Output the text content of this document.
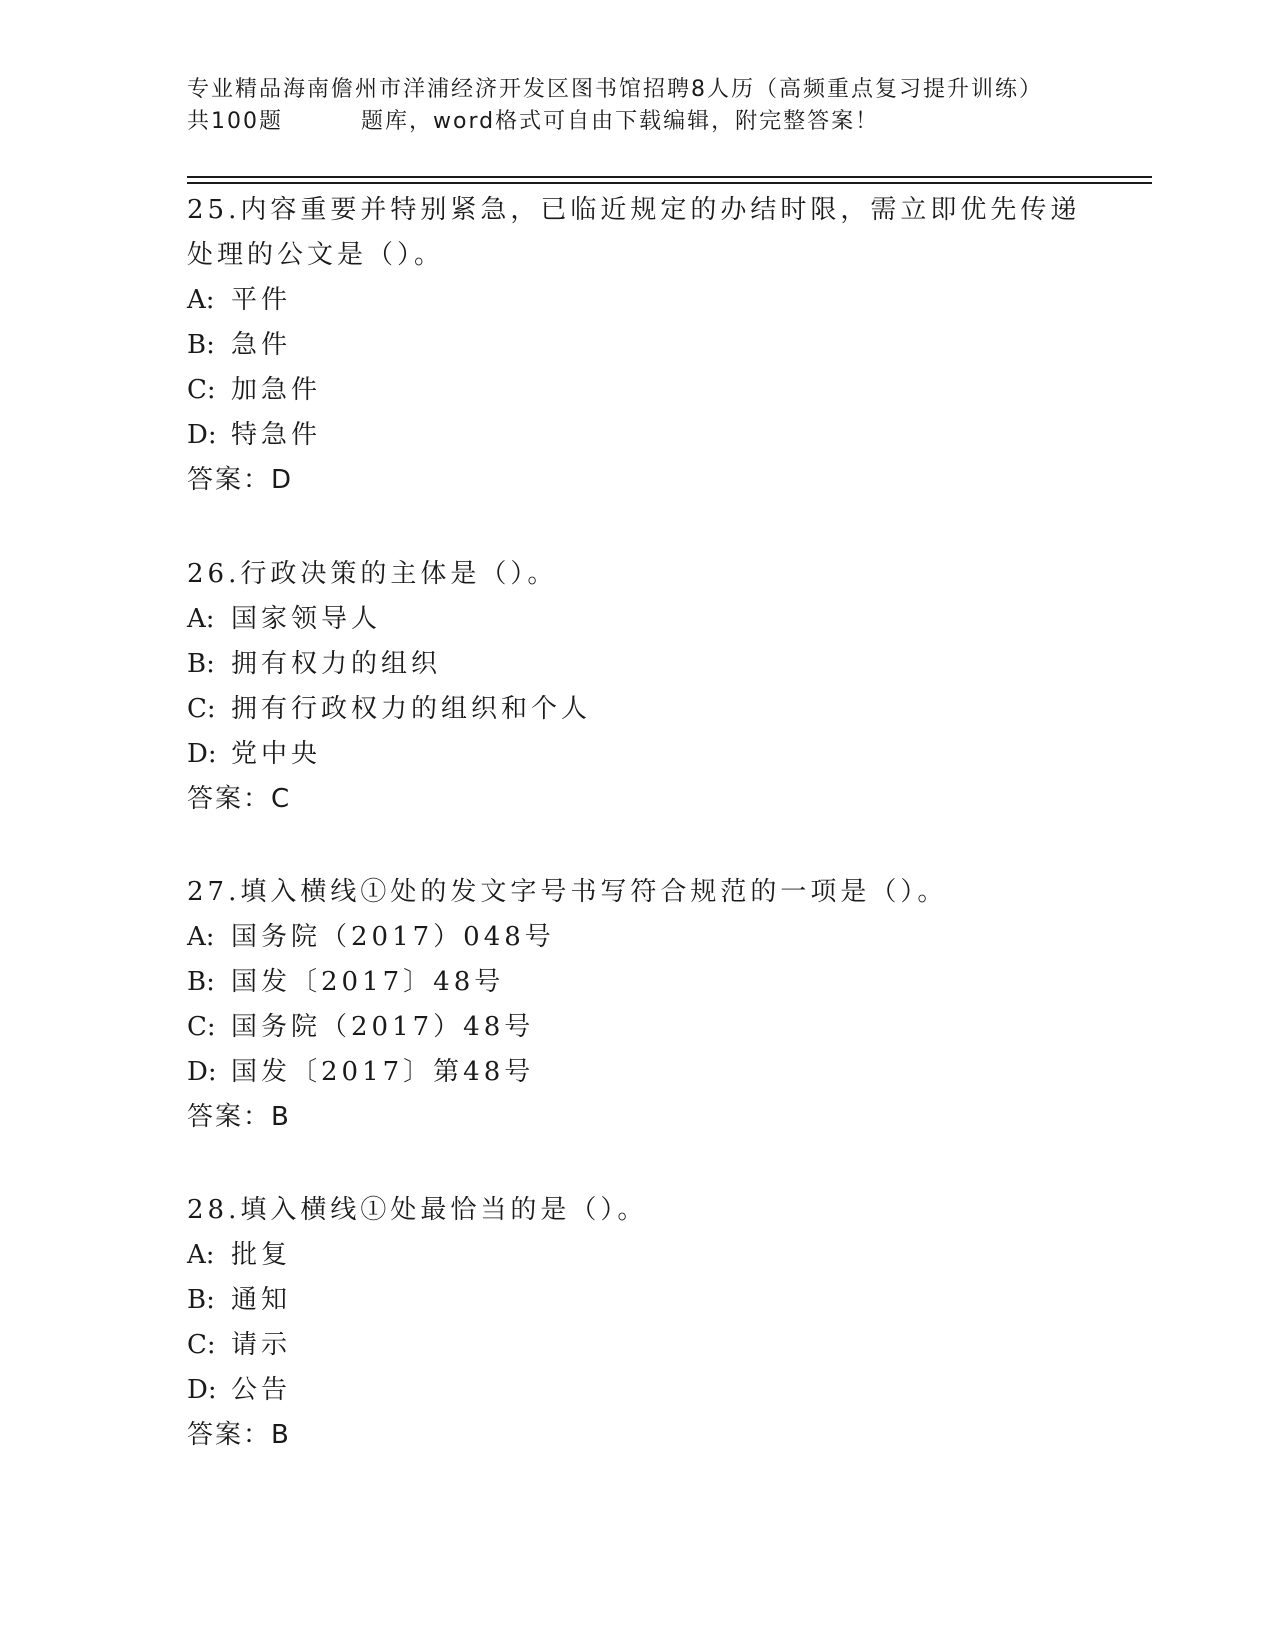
专业精品海南儋州市洋浦经济开发区图书馆招聘8人历（高频重点复习提升训练）
共100题	题库，word格式可自由下载编辑，附完整答案！
25.内容重要并特别紧急，已临近规定的办结时限，需立即优先传递处理的公文是（）。
A: 平件
B: 急件
C: 加急件
D: 特急件
答案：D
26.行政决策的主体是（）。
A: 国家领导人
B: 拥有权力的组织
C: 拥有行政权力的组织和个人
D: 党中央
答案：C
27.填入横线①处的发文字号书写符合规范的一项是（）。
A: 国务院（2017）048号
B: 国发〔2017〕48号
C: 国务院（2017）48号
D: 国发〔2017〕第48号
答案：B
28.填入横线①处最恰当的是（）。
A: 批复
B: 通知
C: 请示
D: 公告
答案：B
